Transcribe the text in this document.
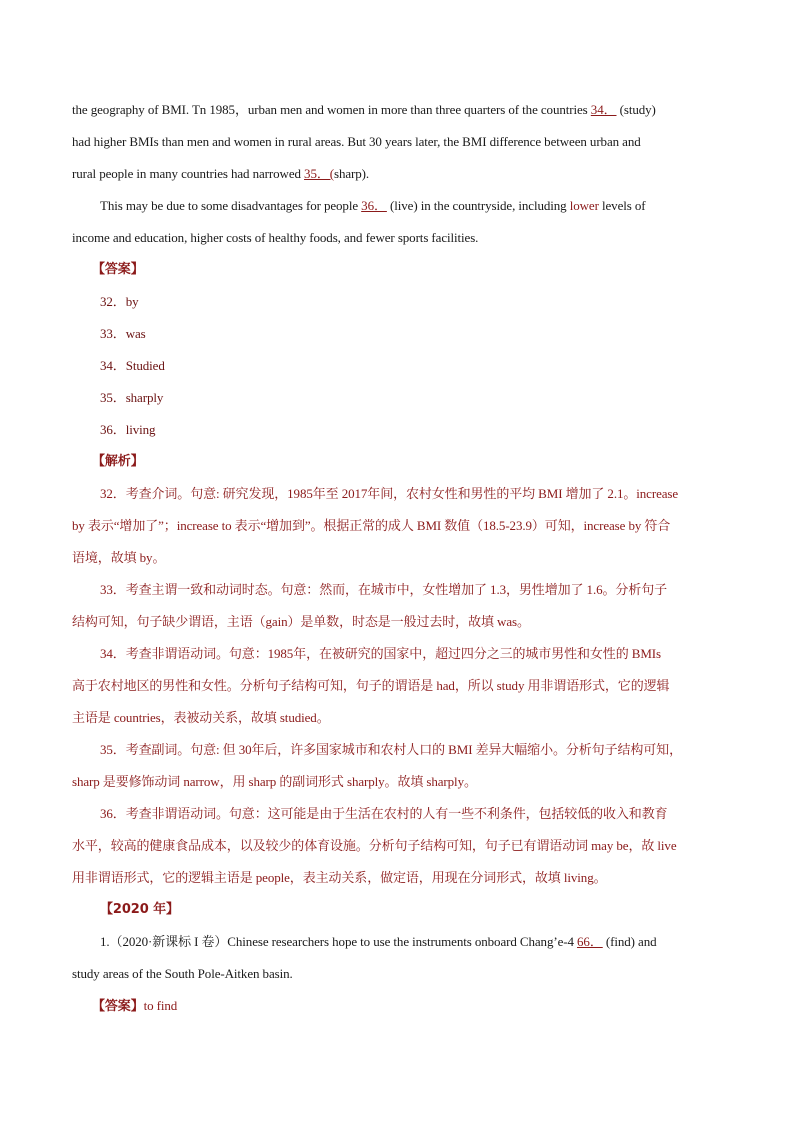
the geography of BMI. Tn 1985，urban men and women in more than three quarters of the countries 34． (study)
had higher BMIs than men and women in rural areas. But 30 years later, the BMI difference between urban and
rural people in many countries had narrowed 35．(sharp).
This may be due to some disadvantages for people 36． (live) in the countryside, including lower levels of
income and education, higher costs of healthy foods, and fewer sports facilities.
【答案】
32．by
33．was
34．Studied
35．sharply
36．living
【解析】
32．考查介词。句意: 研究发现，1985年至 2017年间，农村女性和男性的平均 BMI 增加了 2.1。increase
by 表示“增加了”；increase to 表示“增加到”。根据正常的成人 BMI 数值（18.5-23.9）可知，increase by 符合
语境，故填 by。
33．考查主谓一致和动词时态。句意：然而，在城市中，女性增加了 1.3，男性增加了 1.6。分析句子
结构可知，句子缺少谓语，主语（gain）是单数，时态是一般过去时，故填 was。
34．考查非谓语动词。句意：1985年，在被研究的国家中，超过四分之三的城市男性和女性的 BMIs
高于农村地区的男性和女性。分析句子结构可知，句子的谓语是 had，所以 study 用非谓语形式，它的逻辑
主语是 countries，表被动关系，故填 studied。
35．考查副词。句意: 但 30年后，许多国家城市和农村人口的 BMI 差异大幅缩小。分析句子结构可知，
sharp 是要修饰动词 narrow，用 sharp 的副词形式 sharply。故填 sharply。
36．考查非谓语动词。句意：这可能是由于生活在农村的人有一些不利条件，包括较低的收入和教育
水平，较高的健康食品成本，以及较少的体育设施。分析句子结构可知，句子已有谓语动词 may be，故 live
用非谓语形式，它的逻辑主语是 people，表主动关系，做定语，用现在分词形式，故填 living。
【2020 年】
1.（2020·新课标 I 卷）Chinese researchers hope to use the instruments onboard Chang’e-4 66． (find) and
study areas of the South Pole-Aitken basin.
【答案】to find
